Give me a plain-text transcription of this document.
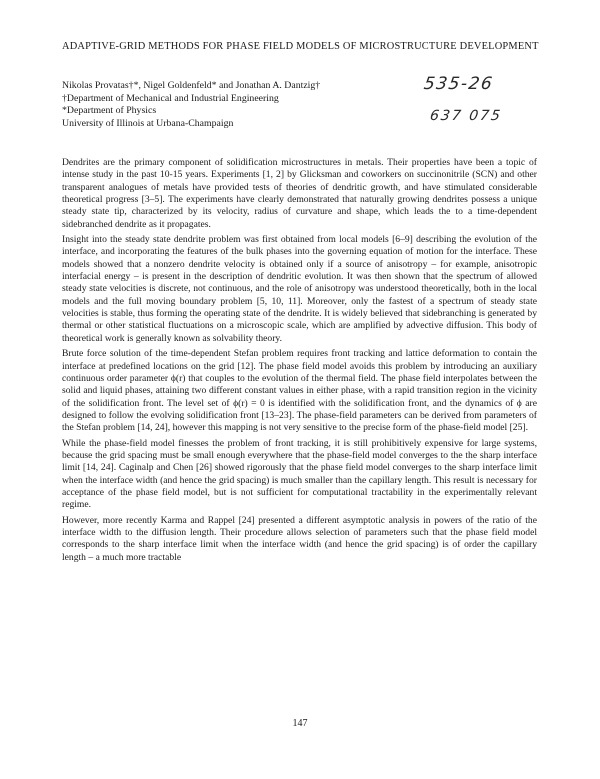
ADAPTIVE-GRID METHODS FOR PHASE FIELD MODELS OF MICROSTRUCTURE DEVELOPMENT
Nikolas Provatas†*, Nigel Goldenfeld* and Jonathan A. Dantzig†
†Department of Mechanical and Industrial Engineering
*Department of Physics
University of Illinois at Urbana-Champaign
535-26
637 075

Dendrites are the primary component of solidification microstructures in metals. Their properties have been a topic of intense study in the past 10-15 years. Experiments [1, 2] by Glicksman and coworkers on succinonitrile (SCN) and other transparent analogues of metals have provided tests of theories of dendritic growth, and have stimulated considerable theoretical progress [3–5]. The experiments have clearly demonstrated that naturally growing dendrites possess a unique steady state tip, characterized by its velocity, radius of curvature and shape, which leads the to a time-dependent sidebranched dendrite as it propagates.

Insight into the steady state dendrite problem was first obtained from local models [6–9] describing the evolution of the interface, and incorporating the features of the bulk phases into the governing equation of motion for the interface. These models showed that a nonzero dendrite velocity is obtained only if a source of anisotropy – for example, anisotropic interfacial energy – is present in the description of dendritic evolution. It was then shown that the spectrum of allowed steady state velocities is discrete, not continuous, and the role of anisotropy was understood theoretically, both in the local models and the full moving boundary problem [5, 10, 11]. Moreover, only the fastest of a spectrum of steady state velocities is stable, thus forming the operating state of the dendrite. It is widely believed that sidebranching is generated by thermal or other statistical fluctuations on a microscopic scale, which are amplified by advective diffusion. This body of theoretical work is generally known as solvability theory.

Brute force solution of the time-dependent Stefan problem requires front tracking and lattice deformation to contain the interface at predefined locations on the grid [12]. The phase field model avoids this problem by introducing an auxiliary continuous order parameter ϕ(r) that couples to the evolution of the thermal field. The phase field interpolates between the solid and liquid phases, attaining two different constant values in either phase, with a rapid transition region in the vicinity of the solidification front. The level set of ϕ(r) = 0 is identified with the solidification front, and the dynamics of ϕ are designed to follow the evolving solidification front [13–23]. The phase-field parameters can be derived from parameters of the Stefan problem [14, 24], however this mapping is not very sensitive to the precise form of the phase-field model [25].

While the phase-field model finesses the problem of front tracking, it is still prohibitively expensive for large systems, because the grid spacing must be small enough everywhere that the phase-field model converges to the the sharp interface limit [14, 24]. Caginalp and Chen [26] showed rigorously that the phase field model converges to the sharp interface limit when the interface width (and hence the grid spacing) is much smaller than the capillary length. This result is necessary for acceptance of the phase field model, but is not sufficient for computational tractability in the experimentally relevant regime.

However, more recently Karma and Rappel [24] presented a different asymptotic analysis in powers of the ratio of the interface width to the diffusion length. Their procedure allows selection of parameters such that the phase field model corresponds to the sharp interface limit when the interface width (and hence the grid spacing) is of order the capillary length – a much more tractable

147
